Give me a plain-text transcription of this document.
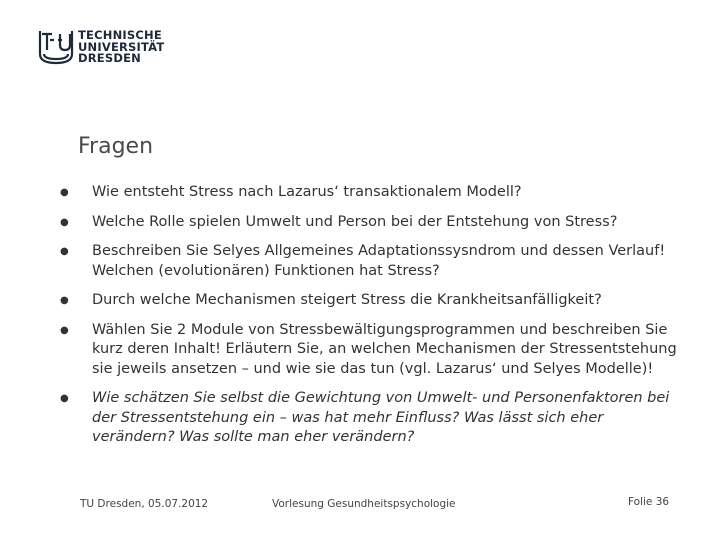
TECHNISCHE
UNIVERSITÄT
DRESDEN
Fragen
● Wie entsteht Stress nach Lazarus‘ transaktionalem Modell?
● Welche Rolle spielen Umwelt und Person bei der Entstehung von Stress?
● Beschreiben Sie Selyes Allgemeines Adaptationssysndrom und dessen Verlauf! Welchen (evolutionären) Funktionen hat Stress?
● Durch welche Mechanismen steigert Stress die Krankheitsanfälligkeit?
● Wählen Sie 2 Module von Stressbewältigungsprogrammen und beschreiben Sie kurz deren Inhalt! Erläutern Sie, an welchen Mechanismen der Stressentstehung sie jeweils ansetzen – und wie sie das tun (vgl. Lazarus‘ und Selyes Modelle)!
● Wie schätzen Sie selbst die Gewichtung von Umwelt- und Personenfaktoren bei der Stressentstehung ein – was hat mehr Einfluss? Was lässt sich eher verändern? Was sollte man eher verändern?
TU Dresden, 05.07.2012	Vorlesung Gesundheitspsychologie	Folie 36
